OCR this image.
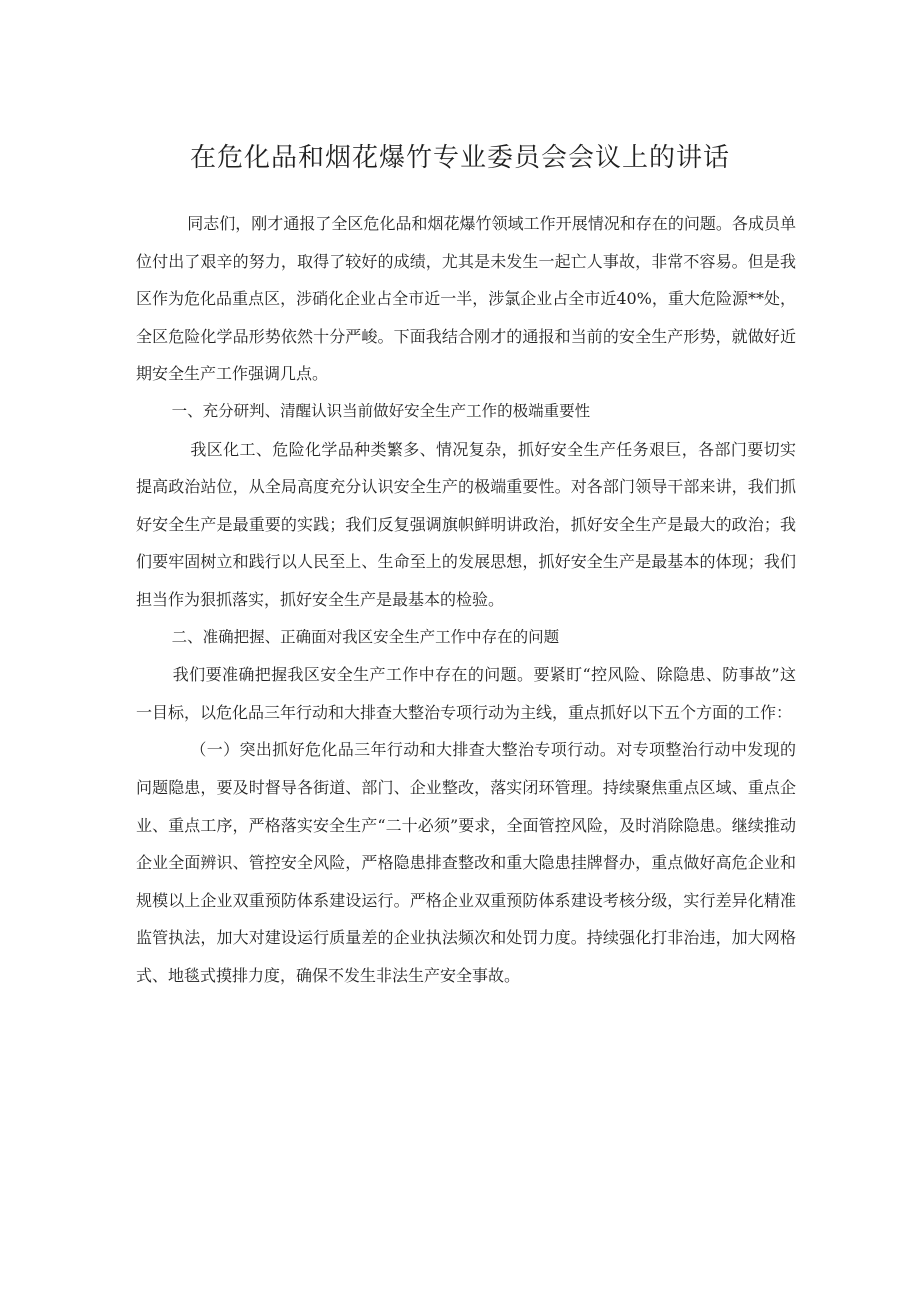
在危化品和烟花爆竹专业委员会会议上的讲话

同志们，刚才通报了全区危化品和烟花爆竹领域工作开展情况和存在的问题。各成员单位付出了艰辛的努力，取得了较好的成绩，尤其是未发生一起亡人事故，非常不容易。但是我区作为危化品重点区，涉硝化企业占全市近一半，涉氯企业占全市近40%，重大危险源**处，全区危险化学品形势依然十分严峻。下面我结合刚才的通报和当前的安全生产形势，就做好近期安全生产工作强调几点。

一、充分研判、清醒认识当前做好安全生产工作的极端重要性

我区化工、危险化学品种类繁多、情况复杂，抓好安全生产任务艰巨，各部门要切实提高政治站位，从全局高度充分认识安全生产的极端重要性。对各部门领导干部来讲，我们抓好安全生产是最重要的实践；我们反复强调旗帜鲜明讲政治，抓好安全生产是最大的政治；我们要牢固树立和践行以人民至上、生命至上的发展思想，抓好安全生产是最基本的体现；我们担当作为狠抓落实，抓好安全生产是最基本的检验。

二、准确把握、正确面对我区安全生产工作中存在的问题

我们要准确把握我区安全生产工作中存在的问题。要紧盯“控风险、除隐患、防事故”这一目标，以危化品三年行动和大排查大整治专项行动为主线，重点抓好以下五个方面的工作：

（一）突出抓好危化品三年行动和大排查大整治专项行动。对专项整治行动中发现的问题隐患，要及时督导各街道、部门、企业整改，落实闭环管理。持续聚焦重点区域、重点企业、重点工序，严格落实安全生产“二十必须”要求，全面管控风险，及时消除隐患。继续推动企业全面辨识、管控安全风险，严格隐患排查整改和重大隐患挂牌督办，重点做好高危企业和规模以上企业双重预防体系建设运行。严格企业双重预防体系建设考核分级，实行差异化精准监管执法，加大对建设运行质量差的企业执法频次和处罚力度。持续强化打非治违，加大网格式、地毯式摸排力度，确保不发生非法生产安全事故。
